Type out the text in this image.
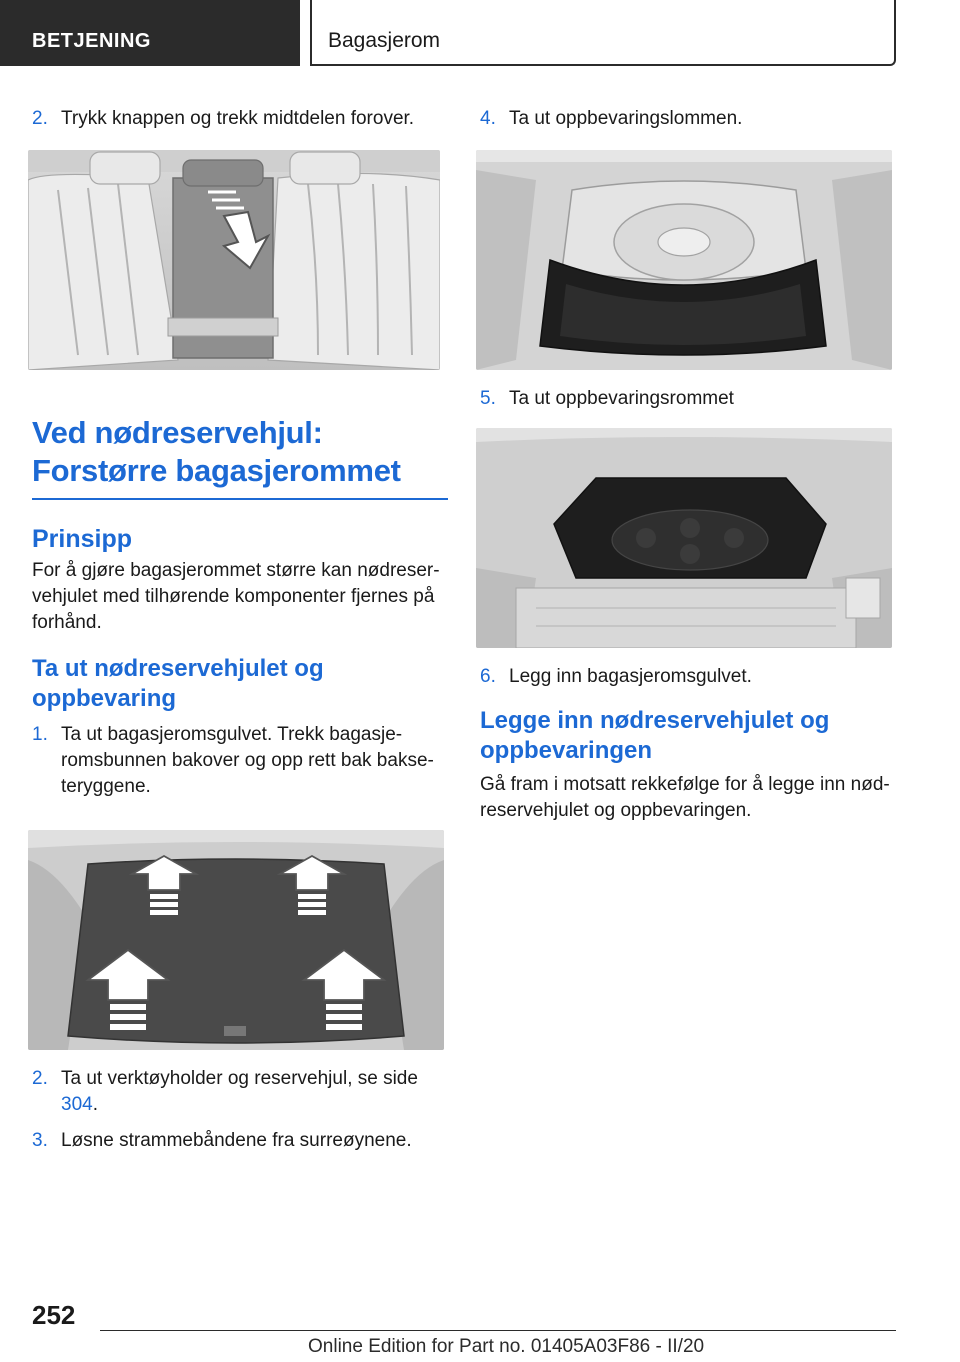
BETJENING	Bagasjerom
2. Trykk knappen og trekk midtdelen forover.
Ved nødreservehjul:
Forstørre bagasjerommet
Prinsipp
For å gjøre bagasjerommet større kan nødreservehjulet med tilhørende komponenter fjernes på forhånd.
Ta ut nødreservehjulet og oppbevaring
1. Ta ut bagasjeromsgulvet. Trekk bagasjeromsbunnen bakover og opp rett bak bakseteryggene.
2. Ta ut verktøyholder og reservehjul, se side 304.
3. Løsne strammebåndene fra surreøynene.
4. Ta ut oppbevaringslommen.
5. Ta ut oppbevaringsrommet
6. Legg inn bagasjeromsgulvet.
Legge inn nødreservehjulet og oppbevaringen
Gå fram i motsatt rekkefølge for å legge inn nødreservehjulet og oppbevaringen.
252
Online Edition for Part no. 01405A03F86 - II/20
